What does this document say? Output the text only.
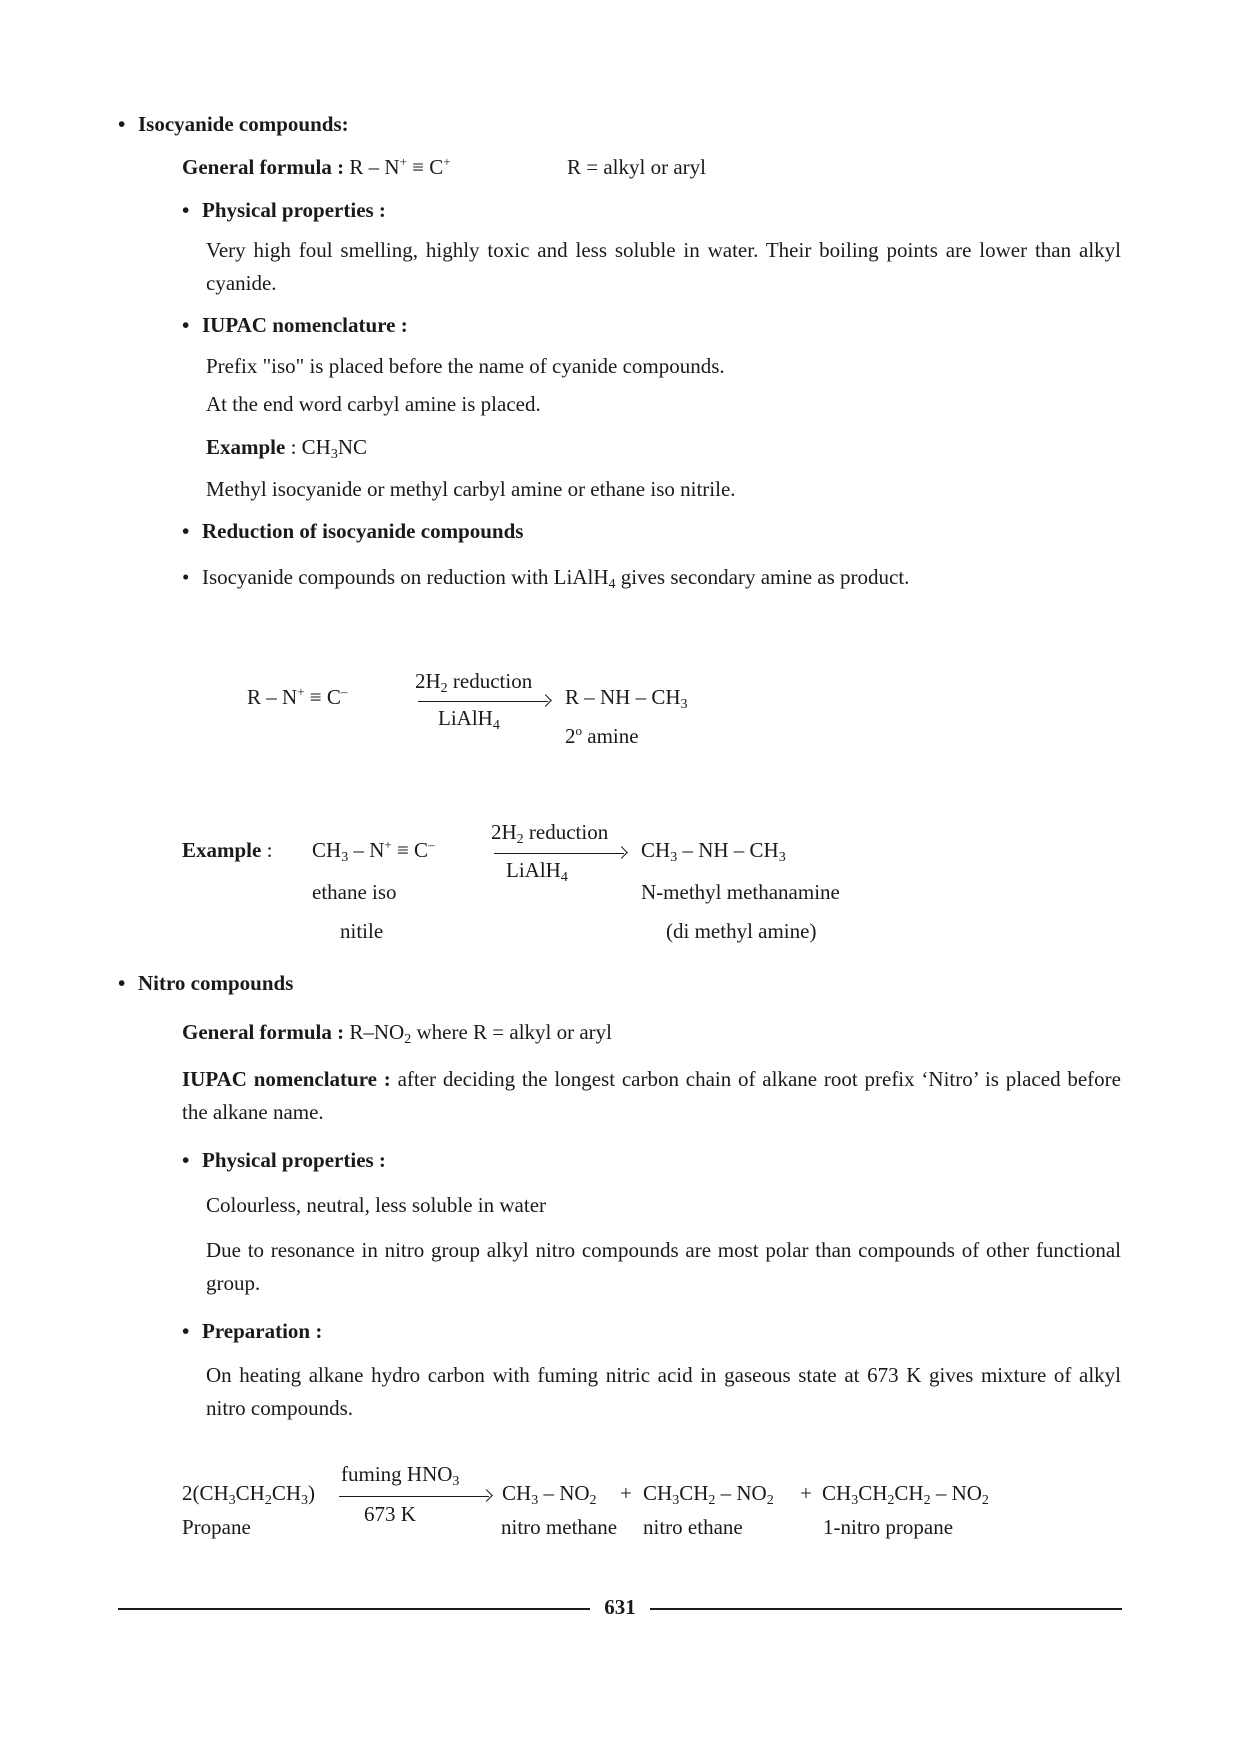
• Isocyanide compounds:
General formula : R – N+ ≡ C+	R = alkyl or aryl
• Physical properties :
Very high foul smelling, highly toxic and less soluble in water. Their boiling points are lower than alkyl cyanide.
• IUPAC nomenclature :
Prefix "iso" is placed before the name of cyanide compounds.
At the end word carbyl amine is placed.
Example : $CH_3NC$
Methyl isocyanide or methyl carbyl amine or ethane iso nitrile.
• Reduction of isocyanide compounds
• Isocyanide compounds on reduction with LiAlH$_4$ gives secondary amine as product.
R – N+ ≡ C–	$2H_2$ reduction
LiAlH$_4$
R – NH – $CH_3$
2$^o$ amine
Example : $CH_3 - N^+ \equiv C^-$
$2H_2$ reduction
LiAlH$_4$
$CH_3$ – NH – $CH_3$
ethane iso
nitile
N-methyl methanamine
(di methyl amine)
• Nitro compounds
General formula : $R-NO_2$ where R = alkyl or aryl
IUPAC nomenclature : after deciding the longest carbon chain of alkane root prefix ‘Nitro’ is placed before the alkane name.
• Physical properties :
Colourless, neutral, less soluble in water
Due to resonance in nitro group alkyl nitro compounds are most polar than compounds of other functional group.
• Preparation :
On heating alkane hydro carbon with fuming nitric acid in gaseous state at 673 K gives mixture of alkyl nitro compounds.
$2(CH_3CH_2CH_3)$
fuming $HNO_3$
673 K
$CH_3 - NO_2 + CH_3CH_2 - NO_2 + CH_3CH_2CH_2 - NO_2$
Propane	nitro methane nitro ethane	1-nitro propane
631
